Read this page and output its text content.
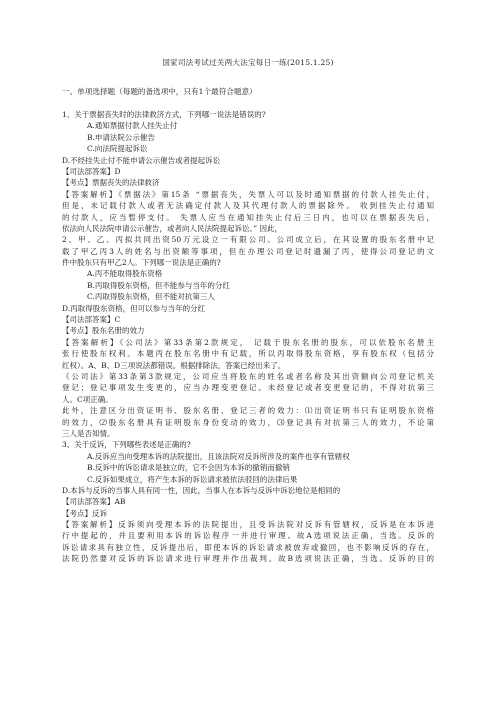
国家司法考试过关两大法宝每日一练(2015.1.25)
一、单项选择题（每题的备选项中，只有1个最符合题意）
1、关于票据丧失时的法律救济方式，下列哪一说法是错误的?
A.通知票据付款人挂失止付
B.申请法院公示催告
C.向法院提起诉讼
D.不经挂失止付不能申请公示催告或者提起诉讼
【司法部答案】D
【考点】票据丧失的法律救济
【答案解析】《票据法》第15条 “票据丧失，失票人可以及时通知票据的付款人挂失止付，
但是，未记载付款人或者无法确定付款人及其代理付款人的票据除外。 收到挂失止付通知
的付款人，应当暂停支付。 失票人应当在通知挂失止付后三日内，也可以在票据丧失后，
依法向人民法院申请公示催告，或者向人民法院提起诉讼。” 因此，
2、甲、乙、丙拟共同出资50万元设立一有限公司。公司成立后，在其设置的股东名册中记
载了甲乙丙3人的姓名与出资额等事项，但在办理公司登记时遗漏了丙，使得公司登记的文
件中股东只有甲乙2人。下列哪一说法是正确的?
A.丙不能取得股东资格
B.丙取得股东资格，但不能参与当年的分红
C.丙取得股东资格，但不能对抗第三人
D.丙取得股东资格，但可以参与当年的分红
【司法部答案】C
【考点】股东名册的效力
【答案解析】《公司法》第33条第2款规定， 记载于股东名册的股东，可以依股东名册主
张行使股东权利。本题丙在股东名册中有记载，所以丙取得股东资格，享有股东权（包括分
红权）。A、B、D三项说法都错误。根据排除法，答案已经出来了。
《公司法》第33条第3款规定，公司应当将股东的姓名或者名称及其出资额向公司登记机关
登记；登记事项发生变更的，应当办理变更登记。未经登记或者变更登记的，不得对抗第三
人。C项正确。
此外，注意区分出资证明书、股东名册、登记三者的效力：⑴出资证明书只有证明股东资格
的效力，⑵股东名册具有证明股东身份变动的效力，⑶登记具有对抗第三人的效力，不论第
三人是否知情。
3、关于反诉，下列哪些表述是正确的?
A.反诉应当向受理本诉的法院提出，且该法院对反诉所涉及的案件也享有管辖权
B.反诉中的诉讼请求是独立的，它不会因为本诉的撤销而撤销
C.反诉如果成立，将产生本诉的诉讼请求被依法驳回的法律后果
D.本诉与反诉的当事人具有同一性，因此，当事人在本诉与反诉中诉讼地位是相同的
【司法部答案】AB
【考点】反诉
【答案解析】反诉须向受理本诉的法院提出，且受诉法院对反诉有管辖权，反诉是在本诉进
行中提起的，并且要利用本诉的诉讼程序一并进行审理。故A选项说法正确，当选。反诉的
诉讼请求具有独立性，反诉提出后，即使本诉的诉讼请求被放弃或撤回，也不影响反诉的存在，
法院仍然要对反诉的诉讼请求进行审理并作出裁判。故B选项说法正确，当选。反诉的目的
